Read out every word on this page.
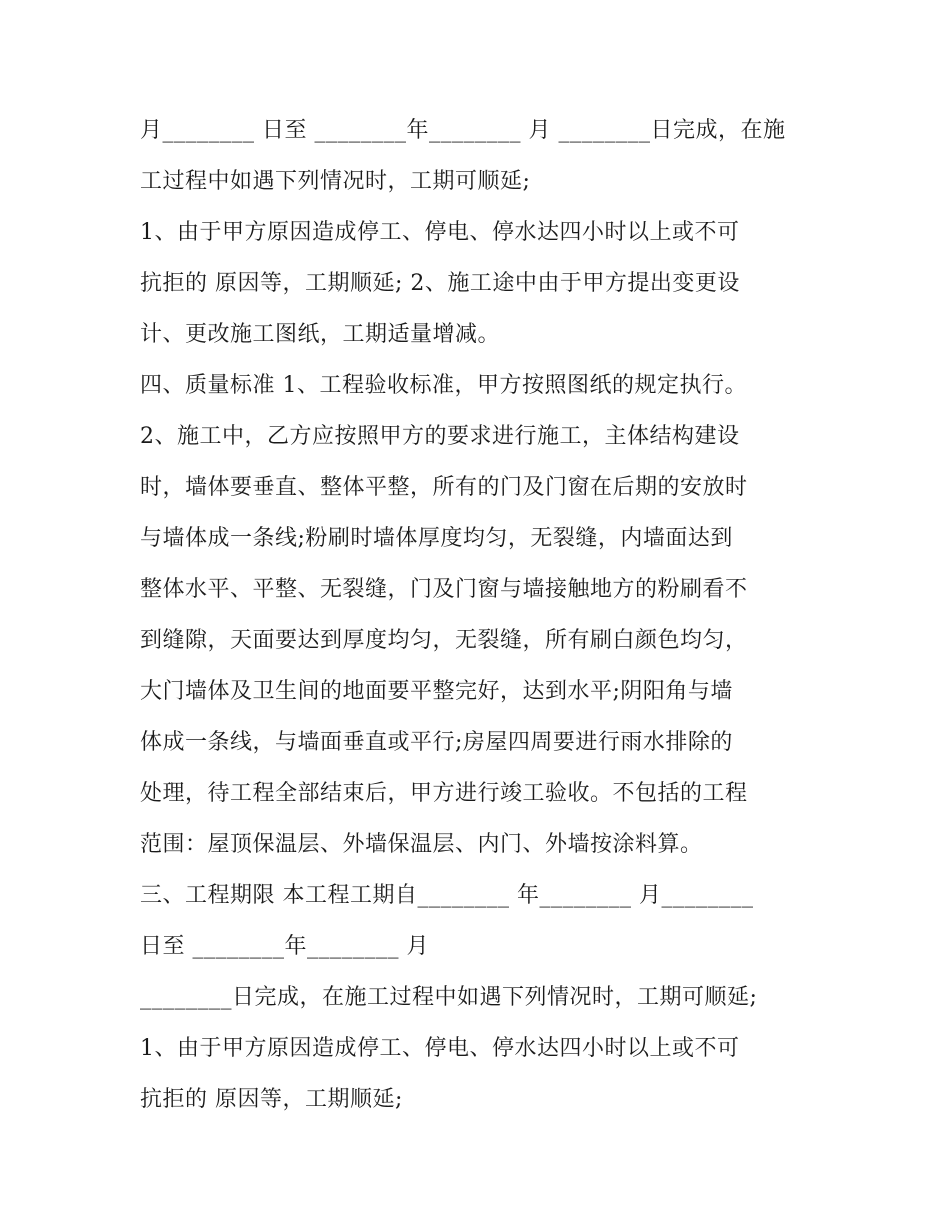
月________ 日至 ________年________ 月 ________日完成，在施

工过程中如遇下列情况时，工期可顺延;

1、由于甲方原因造成停工、停电、停水达四小时以上或不可

抗拒的 原因等，工期顺延; 2、施工途中由于甲方提出变更设

计、更改施工图纸，工期适量增减。

四、质量标准 1、工程验收标准，甲方按照图纸的规定执行。

2、施工中，乙方应按照甲方的要求进行施工，主体结构建设

时，墙体要垂直、整体平整，所有的门及门窗在后期的安放时

与墙体成一条线;粉刷时墙体厚度均匀，无裂缝，内墙面达到

整体水平、平整、无裂缝，门及门窗与墙接触地方的粉刷看不

到缝隙，天面要达到厚度均匀，无裂缝，所有刷白颜色均匀，

大门墙体及卫生间的地面要平整完好，达到水平;阴阳角与墙

体成一条线，与墙面垂直或平行;房屋四周要进行雨水排除的

处理，待工程全部结束后，甲方进行竣工验收。不包括的工程

范围：屋顶保温层、外墙保温层、内门、外墙按涂料算。

三、工程期限 本工程工期自________ 年________ 月________

日至 ________年________ 月

________日完成，在施工过程中如遇下列情况时，工期可顺延;

1、由于甲方原因造成停工、停电、停水达四小时以上或不可

抗拒的 原因等，工期顺延;
